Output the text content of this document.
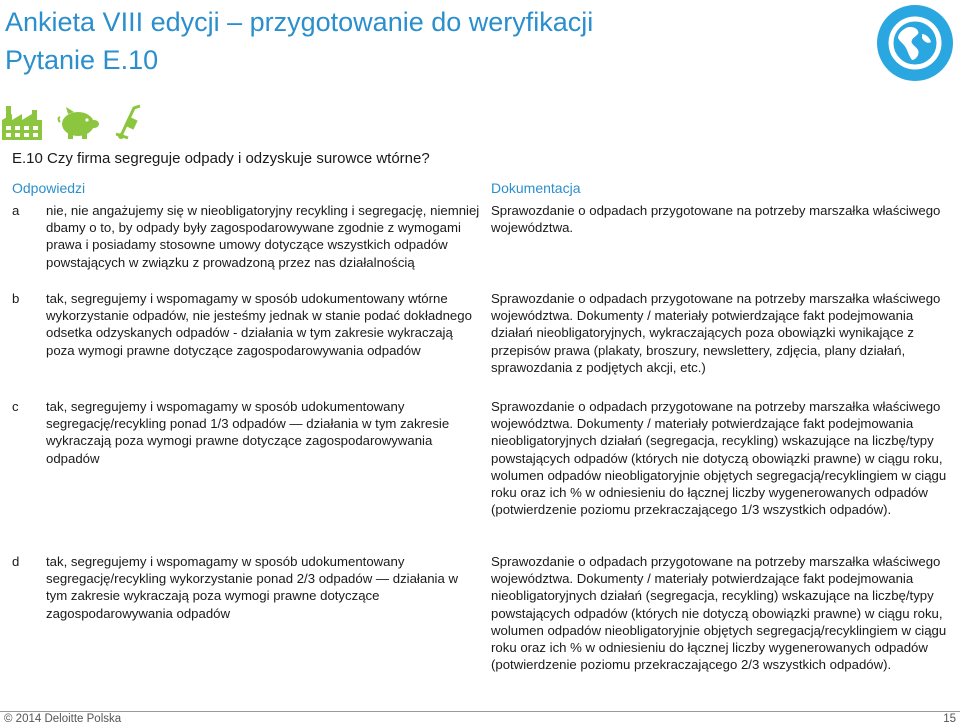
Ankieta VIII edycji – przygotowanie do weryfikacji
Pytanie E.10
E.10 Czy firma segreguje odpady i odzyskuje surowce wtórne?
Odpowiedzi	Dokumentacja
a nie, nie angażujemy się w nieobligatoryjny recykling i segregację, niemniej dbamy o to, by odpady były zagospodarowywane zgodnie z wymogami prawa i posiadamy stosowne umowy dotyczące wszystkich odpadów powstających w związku z prowadzoną przez nas działalnością
Sprawozdanie o odpadach przygotowane na potrzeby marszałka właściwego województwa.
b tak, segregujemy i wspomagamy w sposób udokumentowany wtórne wykorzystanie odpadów, nie jesteśmy jednak w stanie podać dokładnego odsetka odzyskanych odpadów - działania w tym zakresie wykraczają poza wymogi prawne dotyczące zagospodarowywania odpadów
Sprawozdanie o odpadach przygotowane na potrzeby marszałka właściwego województwa. Dokumenty / materiały potwierdzające fakt podejmowania działań nieobligatoryjnych, wykraczających poza obowiązki wynikające z przepisów prawa (plakaty, broszury, newslettery, zdjęcia, plany działań, sprawozdania z podjętych akcji, etc.)
c tak, segregujemy i wspomagamy w sposób udokumentowany segregację/recykling ponad 1/3 odpadów — działania w tym zakresie wykraczają poza wymogi prawne dotyczące zagospodarowywania odpadów
Sprawozdanie o odpadach przygotowane na potrzeby marszałka właściwego województwa. Dokumenty / materiały potwierdzające fakt podejmowania nieobligatoryjnych działań (segregacja, recykling) wskazujące na liczbę/typy powstających odpadów (których nie dotyczą obowiązki prawne) w ciągu roku, wolumen odpadów nieobligatoryjnie objętych segregacją/recyklingiem w ciągu roku oraz ich % w odniesieniu do łącznej liczby wygenerowanych odpadów (potwierdzenie poziomu przekraczającego 1/3 wszystkich odpadów).
d tak, segregujemy i wspomagamy w sposób udokumentowany segregację/recykling wykorzystanie ponad 2/3 odpadów — działania w tym zakresie wykraczają poza wymogi prawne dotyczące zagospodarowywania odpadów
Sprawozdanie o odpadach przygotowane na potrzeby marszałka właściwego województwa. Dokumenty / materiały potwierdzające fakt podejmowania nieobligatoryjnych działań (segregacja, recykling) wskazujące na liczbę/typy powstających odpadów (których nie dotyczą obowiązki prawne) w ciągu roku, wolumen odpadów nieobligatoryjnie objętych segregacją/recyklingiem w ciągu roku oraz ich % w odniesieniu do łącznej liczby wygenerowanych odpadów (potwierdzenie poziomu przekraczającego 2/3 wszystkich odpadów).
© 2014 Deloitte Polska	15
